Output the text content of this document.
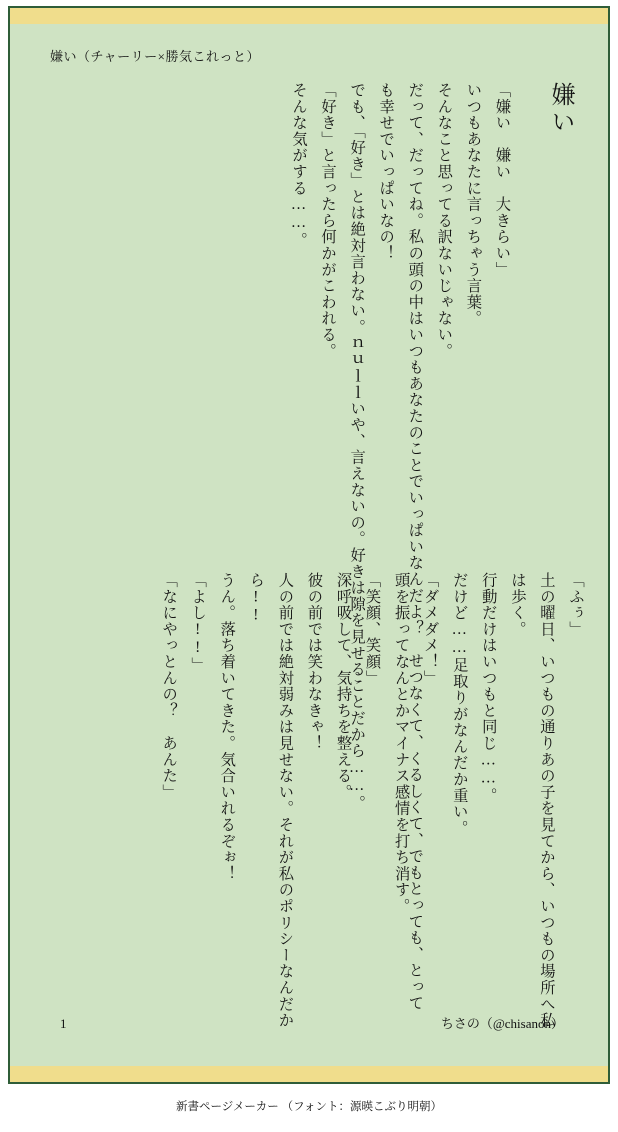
嫌い（チャーリー×勝気これっと）
嫌い
「嫌い　嫌い　大きらい」
いつもあなたに言っちゃう言葉。
そんなこと思ってる訳ないじゃない。
だって、だってね。私の頭の中はいつもあなたのことでいっぱいなんだよ？　せつなくて、くるしくて、でもとっても、とっても幸せでいっぱいなの！
でも、「好き」とは絶対言わない。ｎｕｌｌいや、言えないの。好きは隙を見せることだから……。
「好き」と言ったら何かがこわれる。
そんな気がする……。
「ふぅ」
土の曜日、いつもの通りあの子を見てから、いつもの場所へ私は歩く。
行動だけはいつもと同じ……。
だけど……足取りがなんだか重い。
「ダメダメ！」
頭を振ってなんとかマイナス感情を打ち消す。
「笑顔、笑顔」
深呼吸して、気持ちを整える。
彼の前では笑わなきゃ！
人の前では絶対弱みは見せない。それが私のポリシーなんだから!!
うん。落ち着いてきた。気合いれるぞぉ！
「よし!!」
「なにやっとんの？　あんた」
1	ちさの（@chisanon）
新書ページメーカー （フォント：源暎こぶり明朝）
